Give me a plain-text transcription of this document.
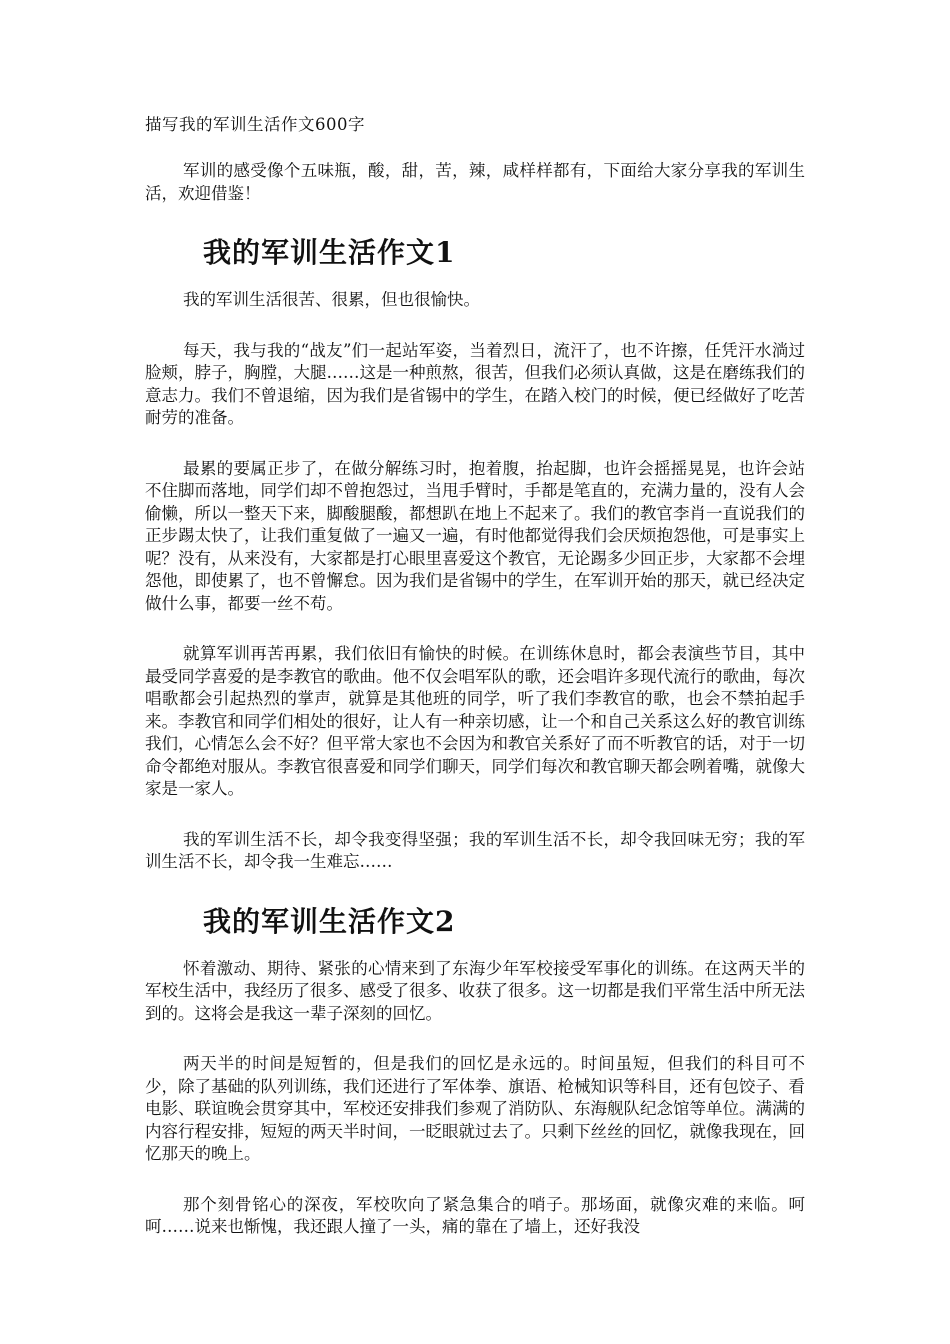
描写我的军训生活作文600字

军训的感受像个五味瓶，酸，甜，苦，辣，咸样样都有，下面给大家分享我的军训生活，欢迎借鉴！

我的军训生活作文1

我的军训生活很苦、很累，但也很愉快。

每天，我与我的“战友”们一起站军姿，当着烈日，流汗了，也不许擦，任凭汗水淌过脸颊，脖子，胸膛，大腿……这是一种煎熬，很苦，但我们必须认真做，这是在磨练我们的意志力。我们不曾退缩，因为我们是省锡中的学生，在踏入校门的时候，便已经做好了吃苦耐劳的准备。

最累的要属正步了，在做分解练习时，抱着腹，抬起脚，也许会摇摇晃晃，也许会站不住脚而落地，同学们却不曾抱怨过，当甩手臂时，手都是笔直的，充满力量的，没有人会偷懒，所以一整天下来，脚酸腿酸，都想趴在地上不起来了。我们的教官李肖一直说我们的正步踢太快了，让我们重复做了一遍又一遍，有时他都觉得我们会厌烦抱怨他，可是事实上呢？没有，从来没有，大家都是打心眼里喜爱这个教官，无论踢多少回正步，大家都不会埋怨他，即使累了，也不曾懈怠。因为我们是省锡中的学生，在军训开始的那天，就已经决定做什么事，都要一丝不苟。

就算军训再苦再累，我们依旧有愉快的时候。在训练休息时，都会表演些节目，其中最受同学喜爱的是李教官的歌曲。他不仅会唱军队的歌，还会唱许多现代流行的歌曲，每次唱歌都会引起热烈的掌声，就算是其他班的同学，听了我们李教官的歌，也会不禁拍起手来。李教官和同学们相处的很好，让人有一种亲切感，让一个和自己关系这么好的教官训练我们，心情怎么会不好？但平常大家也不会因为和教官关系好了而不听教官的话，对于一切命令都绝对服从。李教官很喜爱和同学们聊天，同学们每次和教官聊天都会咧着嘴，就像大家是一家人。

我的军训生活不长，却令我变得坚强；我的军训生活不长，却令我回味无穷；我的军训生活不长，却令我一生难忘……

我的军训生活作文2

怀着激动、期待、紧张的心情来到了东海少年军校接受军事化的训练。在这两天半的军校生活中，我经历了很多、感受了很多、收获了很多。这一切都是我们平常生活中所无法到的。这将会是我这一辈子深刻的回忆。

两天半的时间是短暂的，但是我们的回忆是永远的。时间虽短，但我们的科目可不少，除了基础的队列训练，我们还进行了军体拳、旗语、枪械知识等科目，还有包饺子、看电影、联谊晚会贯穿其中，军校还安排我们参观了消防队、东海舰队纪念馆等单位。满满的内容行程安排，短短的两天半时间，一眨眼就过去了。只剩下丝丝的回忆，就像我现在，回忆那天的晚上。

那个刻骨铭心的深夜，军校吹向了紧急集合的哨子。那场面，就像灾难的来临。呵呵……说来也惭愧，我还跟人撞了一头，痛的靠在了墙上，还好我没
